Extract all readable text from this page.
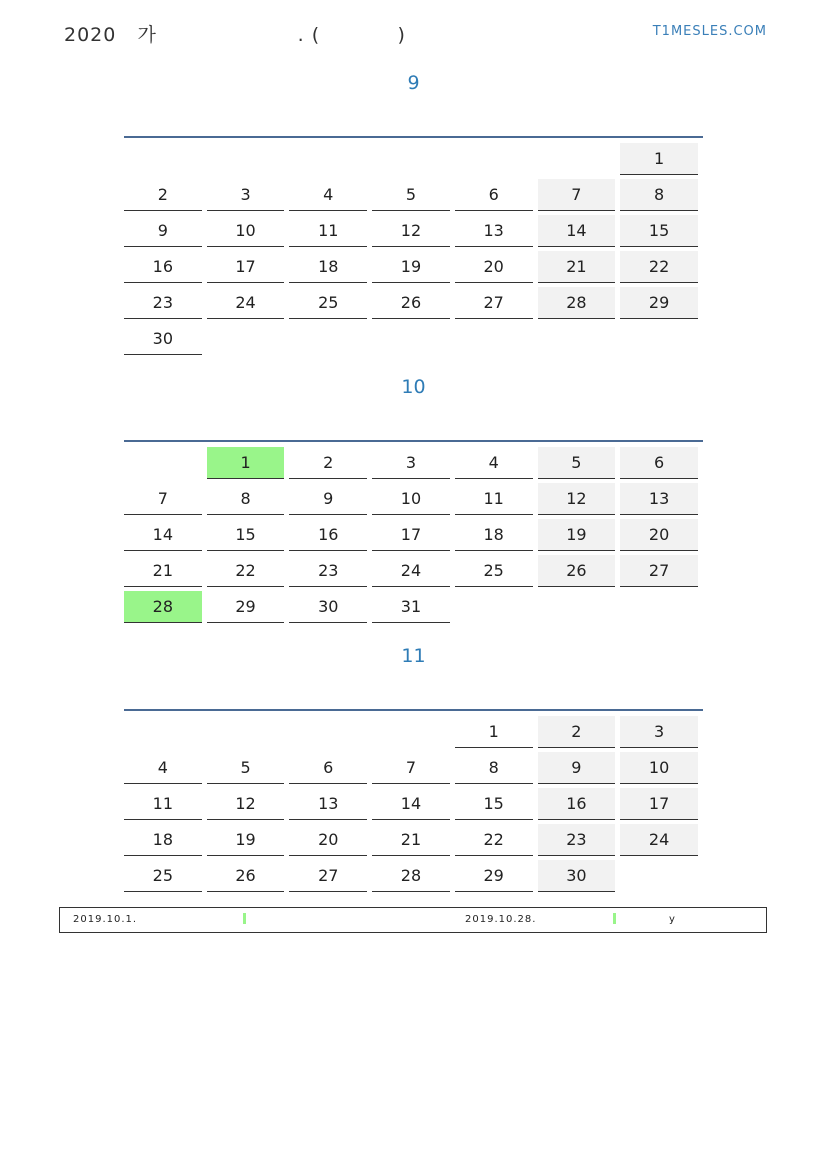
2020   가                    . (           )	T1MESLES.COM
9

						1

2	3	4	5	6	7	8

9	10	11	12	13	14	15

16	17	18	19	20	21	22

23	24	25	26	27	28	29

30						

10

	1	2	3	4	5	6

7	8	9	10	11	12	13

14	15	16	17	18	19	20

21	22	23	24	25	26	27

28	29	30	31			

11

				1	2	3

4	5	6	7	8	9	10

11	12	13	14	15	16	17

18	19	20	21	22	23	24

25	26	27	28	29	30	

2019.10.1.	2019.10.28.	y
